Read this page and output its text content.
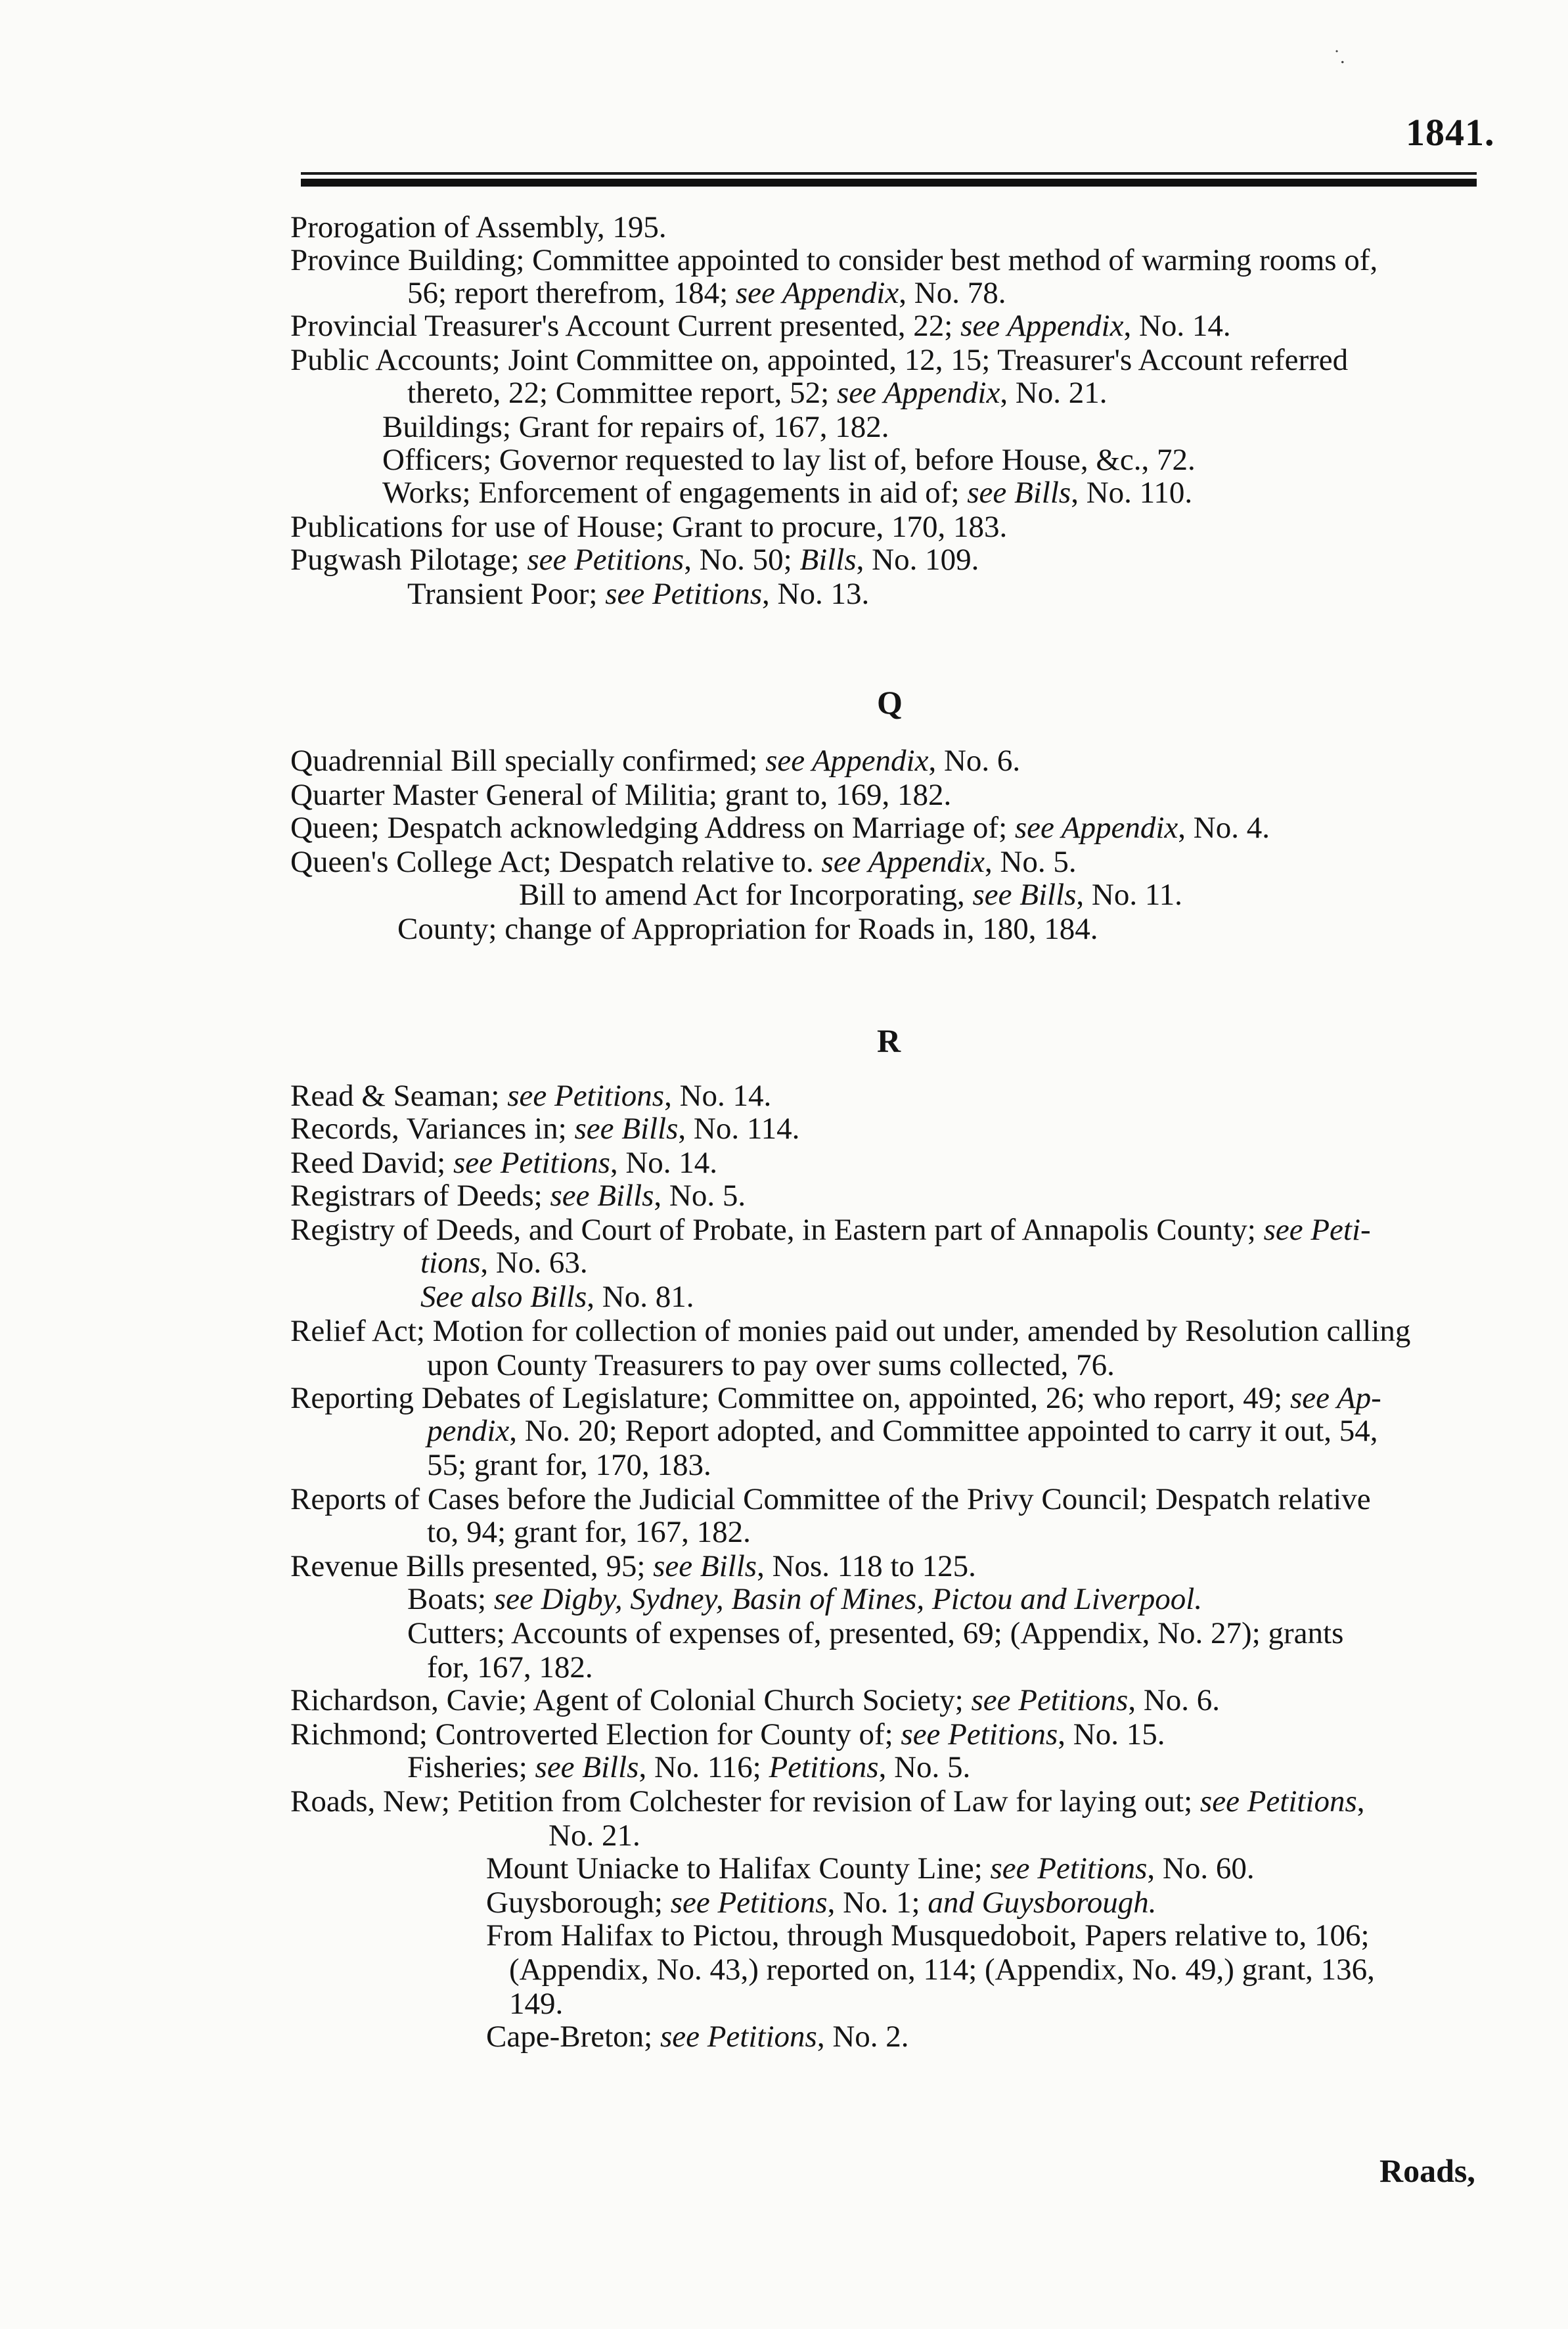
1841.
˙.
Prorogation of Assembly, 195.
Province Building; Committee appointed to consider best method of warming rooms of,
56; report therefrom, 184; see Appendix, No. 78.
Provincial Treasurer's Account Current presented, 22; see Appendix, No. 14.
Public Accounts; Joint Committee on, appointed, 12, 15; Treasurer's Account referred
thereto, 22; Committee report, 52; see Appendix, No. 21.
Buildings; Grant for repairs of, 167, 182.
Officers; Governor requested to lay list of, before House, &c., 72.
Works; Enforcement of engagements in aid of; see Bills, No. 110.
Publications for use of House; Grant to procure, 170, 183.
Pugwash Pilotage; see Petitions, No. 50; Bills, No. 109.
Transient Poor; see Petitions, No. 13.
Quadrennial Bill specially confirmed; see Appendix, No. 6.
Quarter Master General of Militia; grant to, 169, 182.
Queen; Despatch acknowledging Address on Marriage of; see Appendix, No. 4.
Queen's College Act; Despatch relative to. see Appendix, No. 5.
Bill to amend Act for Incorporating, see Bills, No. 11.
County; change of Appropriation for Roads in, 180, 184.
Read & Seaman; see Petitions, No. 14.
Records, Variances in; see Bills, No. 114.
Reed David; see Petitions, No. 14.
Registrars of Deeds; see Bills, No. 5.
Registry of Deeds, and Court of Probate, in Eastern part of Annapolis County; see Peti-
tions, No. 63.
See also Bills, No. 81.
Relief Act; Motion for collection of monies paid out under, amended by Resolution calling
upon County Treasurers to pay over sums collected, 76.
Reporting Debates of Legislature; Committee on, appointed, 26; who report, 49; see Ap-
pendix, No. 20; Report adopted, and Committee appointed to carry it out, 54,
55; grant for, 170, 183.
Reports of Cases before the Judicial Committee of the Privy Council; Despatch relative
to, 94; grant for, 167, 182.
Revenue Bills presented, 95; see Bills, Nos. 118 to 125.
Boats; see Digby, Sydney, Basin of Mines, Pictou and Liverpool.
Cutters; Accounts of expenses of, presented, 69; (Appendix, No. 27); grants
for, 167, 182.
Richardson, Cavie; Agent of Colonial Church Society; see Petitions, No. 6.
Richmond; Controverted Election for County of; see Petitions, No. 15.
Fisheries; see Bills, No. 116; Petitions, No. 5.
Roads, New; Petition from Colchester for revision of Law for laying out; see Petitions,
No. 21.
Mount Uniacke to Halifax County Line; see Petitions, No. 60.
Guysborough; see Petitions, No. 1; and Guysborough.
From Halifax to Pictou, through Musquedoboit, Papers relative to, 106;
(Appendix, No. 43,) reported on, 114; (Appendix, No. 49,) grant, 136,
149.
Cape-Breton; see Petitions, No. 2.
Q
R
Roads,
